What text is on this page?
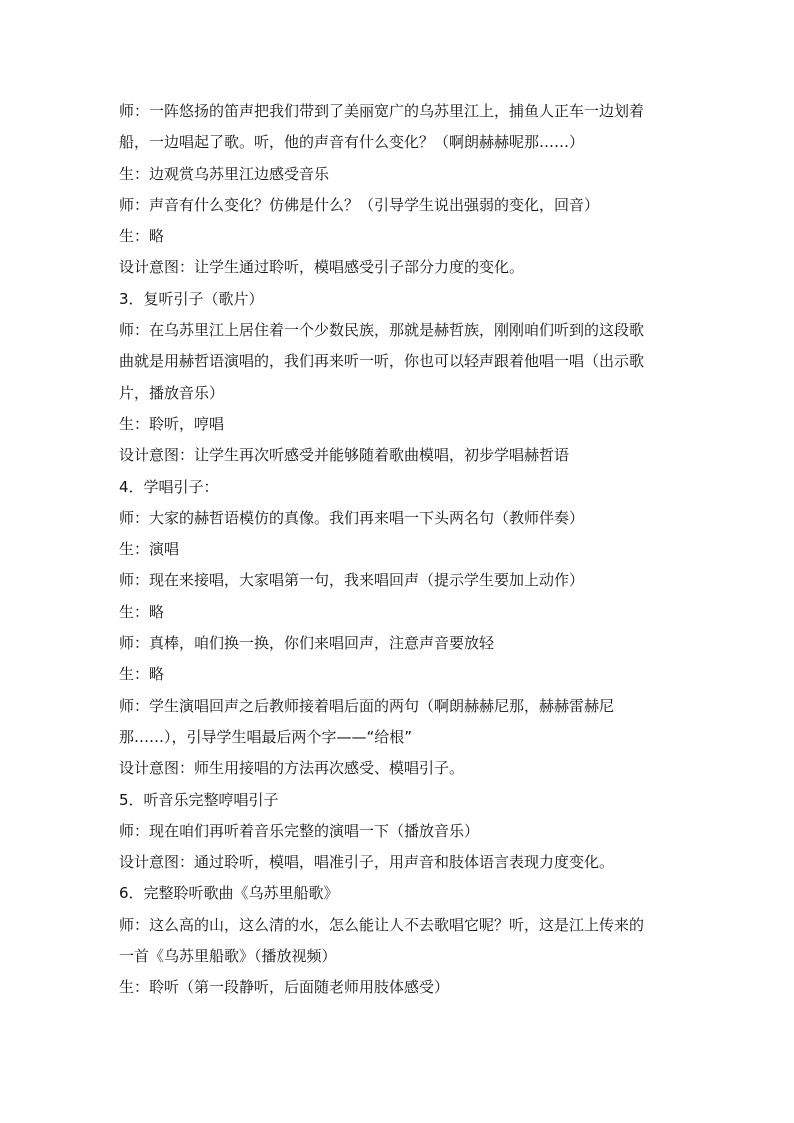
师：一阵悠扬的笛声把我们带到了美丽宽广的乌苏里江上，捕鱼人正车一边划着
船，一边唱起了歌。听，他的声音有什么变化？（啊朗赫赫呢那……）
生：边观赏乌苏里江边感受音乐
师：声音有什么变化？仿佛是什么？（引导学生说出强弱的变化，回音）
生：略
设计意图：让学生通过聆听，模唱感受引子部分力度的变化。
3．复听引子（歌片）
师：在乌苏里江上居住着一个少数民族，那就是赫哲族，刚刚咱们听到的这段歌
曲就是用赫哲语演唱的，我们再来听一听，你也可以轻声跟着他唱一唱（出示歌
片，播放音乐）
生：聆听，哼唱
设计意图：让学生再次听感受并能够随着歌曲模唱，初步学唱赫哲语
4．学唱引子：
师：大家的赫哲语模仿的真像。我们再来唱一下头两名句（教师伴奏）
生：演唱
师：现在来接唱，大家唱第一句，我来唱回声（提示学生要加上动作）
生：略
师：真棒，咱们换一换，你们来唱回声，注意声音要放轻
生：略
师：学生演唱回声之后教师接着唱后面的两句（啊朗赫赫尼那，赫赫雷赫尼
那……），引导学生唱最后两个字——“给根”
设计意图：师生用接唱的方法再次感受、模唱引子。
5．听音乐完整哼唱引子
师：现在咱们再听着音乐完整的演唱一下（播放音乐）
设计意图：通过聆听，模唱，唱准引子，用声音和肢体语言表现力度变化。
6．完整聆听歌曲《乌苏里船歌》
师：这么高的山，这么清的水，怎么能让人不去歌唱它呢？听，这是江上传来的
一首《乌苏里船歌》（播放视频）
生：聆听（第一段静听，后面随老师用肢体感受）
